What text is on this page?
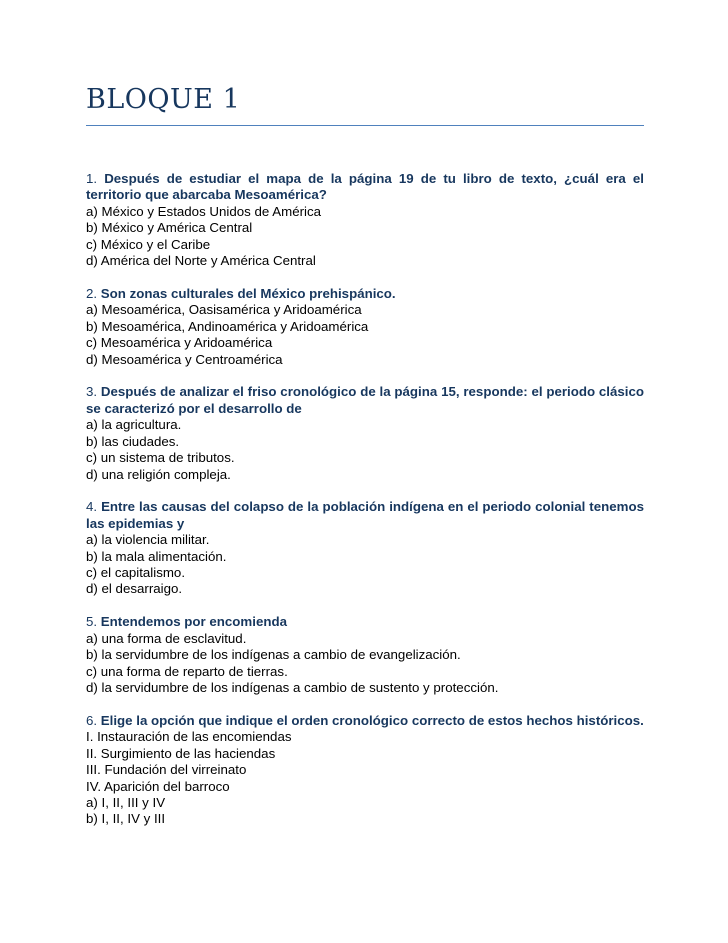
BLOQUE 1
1. Después de estudiar el mapa de la página 19 de tu libro de texto, ¿cuál era el territorio que abarcaba Mesoamérica?
a) México y Estados Unidos de América
b) México y América Central
c) México y el Caribe
d) América del Norte y América Central
2. Son zonas culturales del México prehispánico.
a) Mesoamérica, Oasisamérica y Aridoamérica
b) Mesoamérica, Andinoamérica y Aridoamérica
c) Mesoamérica y Aridoamérica
d) Mesoamérica y Centroamérica
3. Después de analizar el friso cronológico de la página 15, responde: el periodo clásico se caracterizó por el desarrollo de
a) la agricultura.
b) las ciudades.
c) un sistema de tributos.
d) una religión compleja.
4. Entre las causas del colapso de la población indígena en el periodo colonial tenemos las epidemias y
a) la violencia militar.
b) la mala alimentación.
c) el capitalismo.
d) el desarraigo.
5. Entendemos por encomienda
a) una forma de esclavitud.
b) la servidumbre de los indígenas a cambio de evangelización.
c) una forma de reparto de tierras.
d) la servidumbre de los indígenas a cambio de sustento y protección.
6. Elige la opción que indique el orden cronológico correcto de estos hechos históricos.
I. Instauración de las encomiendas
II. Surgimiento de las haciendas
III. Fundación del virreinato
IV. Aparición del barroco
a) I, II, III y IV
b) I, II, IV y III
